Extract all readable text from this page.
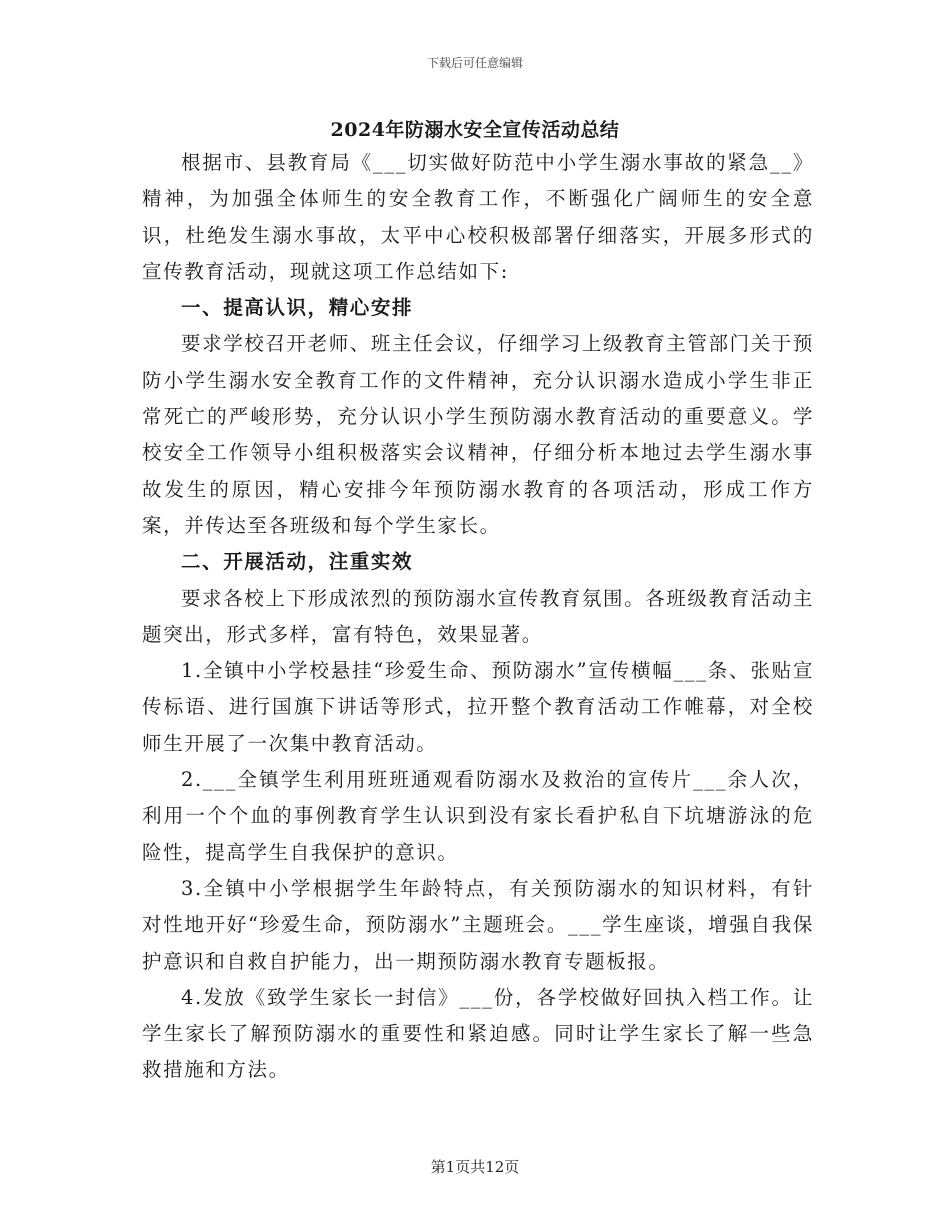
下载后可任意编辑
2024年防溺水安全宣传活动总结

根据市、县教育局《___切实做好防范中小学生溺水事故的紧急__》精神，为加强全体师生的安全教育工作，不断强化广阔师生的安全意识，杜绝发生溺水事故，太平中心校积极部署仔细落实，开展多形式的宣传教育活动，现就这项工作总结如下:

一、提高认识，精心安排

要求学校召开老师、班主任会议，仔细学习上级教育主管部门关于预防小学生溺水安全教育工作的文件精神，充分认识溺水造成小学生非正常死亡的严峻形势，充分认识小学生预防溺水教育活动的重要意义。学校安全工作领导小组积极落实会议精神，仔细分析本地过去学生溺水事故发生的原因，精心安排今年预防溺水教育的各项活动，形成工作方案，并传达至各班级和每个学生家长。

二、开展活动，注重实效

要求各校上下形成浓烈的预防溺水宣传教育氛围。各班级教育活动主题突出，形式多样，富有特色，效果显著。

1.全镇中小学校悬挂“珍爱生命、预防溺水”宣传横幅___条、张贴宣传标语、进行国旗下讲话等形式，拉开整个教育活动工作帷幕，对全校师生开展了一次集中教育活动。

2.___全镇学生利用班班通观看防溺水及救治的宣传片___余人次，利用一个个血的事例教育学生认识到没有家长看护私自下坑塘游泳的危险性，提高学生自我保护的意识。

3.全镇中小学根据学生年龄特点，有关预防溺水的知识材料，有针对性地开好“珍爱生命，预防溺水”主题班会。___学生座谈，增强自我保护意识和自救自护能力，出一期预防溺水教育专题板报。

4.发放《致学生家长一封信》___份，各学校做好回执入档工作。让学生家长了解预防溺水的重要性和紧迫感。同时让学生家长了解一些急救措施和方法。

第1页共12页
